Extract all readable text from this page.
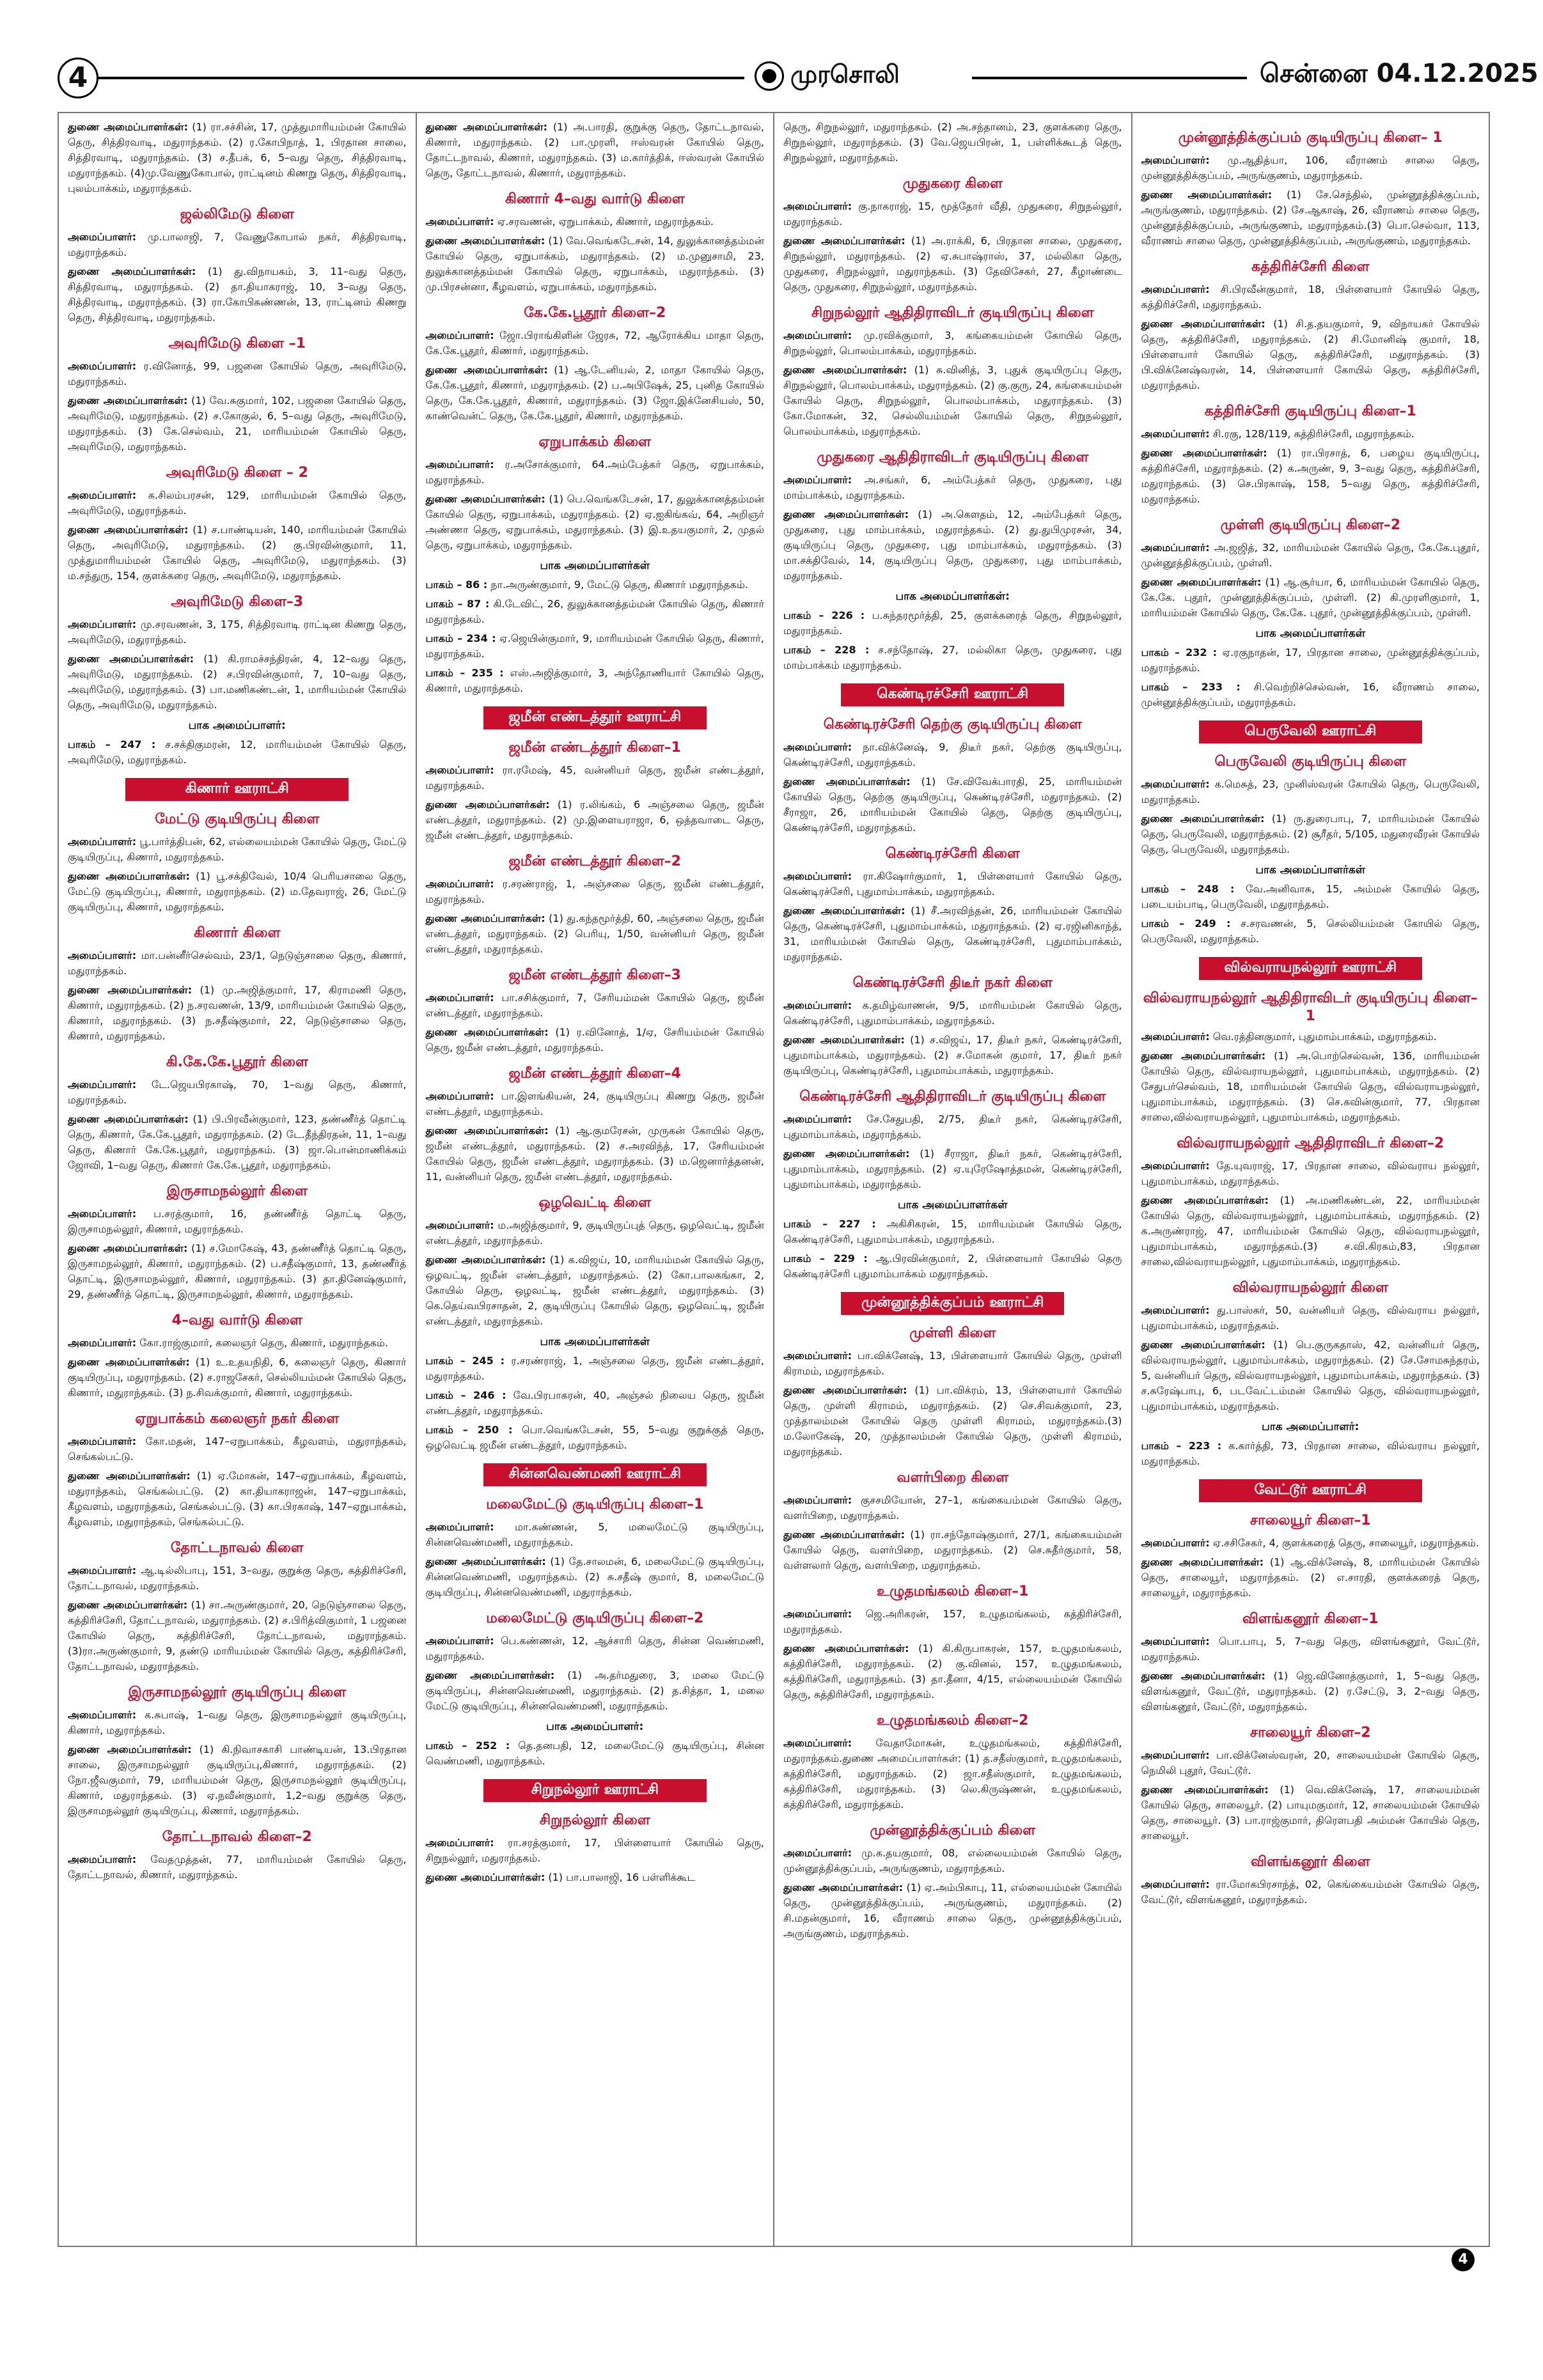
4	முரசொலி	சென்னை 04.12.2025
துணை அமைப்பாளர்கள்: (1) ரா.சச்சின், 17, முத்துமாரியம்மன் கோயில் தெரு, சித்திரவாடி, மதுராந்தகம். (2) ர.கோபிநாத், 1, பிரதான சாலை, சித்திரவாடி, மதுராந்தகம். (3) ச.தீபக், 6, 5–வது தெரு, சித்திரவாடி, மதுராந்தகம். (4)மு.வேணுகோபால், ராட்டினம் கிணறு தெரு, சித்திரவாடி, புலம்பாக்கம், மதுராந்தகம்.
ஜல்லிமேடு கிளை
அமைப்பாளர்: மு.பாலாஜி, 7, வேணுகோபால் நகர், சித்திரவாடி, மதுராந்தகம்.
துணை அமைப்பாளர்கள்: (1) து.விநாயகம், 3, 11–வது தெரு, சித்திரவாடி, மதுராந்தகம். (2) தா.தியாகராஜ், 10, 3–வது தெரு, சித்திரவாடி, மதுராந்தகம். (3) ரா.கோபிகண்ணன், 13, ராட்டினம் கிணறு தெரு, சித்திரவாடி, மதுராந்தகம்.
அவுரிமேடு கிளை –1
அமைப்பாளர்: ர.வினோத், 99, பஜனை கோயில் தெரு, அவுரிமேடு, மதுராந்தகம்.
துணை அமைப்பாளர்கள்: (1) வே.சுகுமார், 102, பஜனை கோயில் தெரு, அவுரிமேடு, மதுராந்தகம். (2) ச.கோகுல், 6, 5–வது தெரு, அவுரிமேடு, மதுராந்தகம். (3) கே.செல்வம், 21, மாரியம்மன் கோயில் தெரு, அவுரிமேடு, மதுராந்தகம்.
அவுரிமேடு கிளை – 2
அமைப்பாளர்: க.சிலம்பரசன், 129, மாரியம்மன் கோயில் தெரு, அவுரிமேடு, மதுராந்தகம்.
துணை அமைப்பாளர்கள்: (1) ச.பாண்டியன், 140, மாரியம்மன் கோயில் தெரு, அவுரிமேடு, மதுராந்தகம். (2) கு.பிரவின்குமார், 11, முத்துமாரியம்மன் கோயில் தெரு, அவுரிமேடு, மதுராந்தகம். (3) ம.சந்துரு, 154, குளக்கரை தெரு, அவுரிமேடு, மதுராந்தகம்.
அவுரிமேடு கிளை–3
அமைப்பாளர்: மு.சரவணன், 3, 175, சித்திரவாடி ராட்டின கிணறு தெரு, அவுரிமேடு, மதுராந்தகம்.
துணை அமைப்பாளர்கள்: (1) கி.ராமச்சந்திரன், 4, 12–வது தெரு, அவுரிமேடு, மதுராந்தகம். (2) ச.பிரவின்குமார், 7, 10–வது தெரு, அவுரிமேடு, மதுராந்தகம். (3) பா.மணிகண்டன், 1, மாரியம்மன் கோயில் தெரு, அவுரிமேடு, மதுராந்தகம்.
பாக அமைப்பாளர்:
பாகம் – 247 : ச.சக்திகுமரன், 12, மாரியம்மன் கோயில் தெரு, அவுரிமேடு, மதுராந்தகம்.
கிணார் ஊராட்சி
மேட்டு குடியிருப்பு கிளை
அமைப்பாளர்: பூ.பார்த்திபன், 62, எல்லையம்மன் கோயில் தெரு, மேட்டு குடியிருப்பு, கிணார், மதுராந்தகம்.
துணை அமைப்பாளர்கள்: (1) பூ.சக்திவேல், 10/4 பெரியசாலை தெரு, மேட்டு குடியிருப்பு, கிணார், மதுராந்தகம். (2) ம.தேவராஜ், 26, மேட்டு குடியிருப்பு, கிணார், மதுராந்தகம்.
கிணார் கிளை
அமைப்பாளர்: மா.பன்னீர்செல்வம், 23/1, நெடுஞ்சாலை தெரு, கிணார், மதுராந்தகம்.
துணை அமைப்பாளர்கள்: (1) மு.அஜித்குமார், 17, கிராமணி தெரு, கிணார், மதுராந்தகம். (2) ந.சரவணன், 13/9, மாரியம்மன் கோயில் தெரு, கிணார், மதுராந்தகம். (3) ந.சதீஷ்குமார், 22, நெடுஞ்சாலை தெரு, கிணார், மதுராந்தகம்.
கி.கே.கே.பூதூர் கிளை
அமைப்பாளர்: டே.ஜெயபிரகாஷ், 70, 1–வது தெரு, கிணார், மதுராந்தகம்.
துணை அமைப்பாளர்கள்: (1) பி.பிரவீன்குமார், 123, தண்ணீர்த் தொட்டி தெரு, கிணார், கே.கே.பூதூர், மதுராந்தகம். (2) டே.தீந்திரதன், 11, 1–வது தெரு, கிணார் கே.கே.பூதூர், மதுராந்தகம். (3) ஜா.பொன்மாணிக்கம் ஜோவி, 1–வது தெரு, கிணார் கே.கே.பூதூர், மதுராந்தகம்.
இருசாமநல்லூர் கிளை
அமைப்பாளர்: ப.சரத்குமார், 16, தண்ணீர்த் தொட்டி தெரு, இருசாமநல்லூர், கிணார், மதுராந்தகம்.
துணை அமைப்பாளர்கள்: (1) ச.மோகேஷ், 43, தண்ணீர்த் தொட்டி தெரு, இருசாமநல்லூர், கிணார், மதுராந்தகம். (2) ப.சதீஷ்குமார், 13, தண்ணீர்த் தொட்டி, இருசாமநல்லூர், கிணார், மதுராந்தகம். (3) தா.தினேஷ்குமார், 29, தண்ணீர்த் தொட்டி, இருசாமநல்லூர், கிணார், மதுராந்தகம்.
4–வது வார்டு கிளை
அமைப்பாளர்: கோ.ராஜ்குமார், கலைஞர் தெரு, கிணார், மதுராந்தகம்.
துணை அமைப்பாளர்கள்: (1) உ.உதயநிதி, 6, கலைஞர் தெரு, கிணார் குடியிருப்பு, மதுராந்தகம். (2) ச.ராஜசேகர், செல்லியம்மன் கோயில் தெரு, கிணார், மதுராந்தகம். (3) ந.சிவக்குமார், கிணார், மதுராந்தகம்.
ஏறுபாக்கம் கலைஞர் நகர் கிளை
அமைப்பாளர்: கோ.மதன், 147–ஏறுபாக்கம், கீழவளம், மதுராந்தகம், செங்கல்பட்டு.
துணை அமைப்பாளர்கள்: (1) ஏ.மோகன், 147–ஏறுபாக்கம், கீழவளம், மதுராந்தகம், செங்கல்பட்டு. (2) கா.தியாகராஜன், 147–ஏறுபாக்கம், கீழவளம், மதுராந்தகம், செங்கல்பட்டு. (3) கா.பிரகாஷ், 147–ஏறுபாக்கம், கீழவளம், மதுராந்தகம், செங்கல்பட்டு.
தோட்டநாவல் கிளை
அமைப்பாளர்: ஆ.டில்லிபாபு, 151, 3–வது, குறுக்கு தெரு, கத்திரிச்சேரி, தோட்டநாவல், மதுராந்தகம்.
துணை அமைப்பாளர்கள்: (1) சா.அருண்குமார், 20, நெடுஞ்சாலை தெரு, கத்திரிச்சேரி, தோட்டநாவல், மதுராந்தகம். (2) ச.பிரித்விகுமார், 1 பஜனை கோயில் தெரு, கத்திரிச்சேரி, தோட்டநாவல், மதுராந்தகம். (3)ரா.அருண்குமார், 9, தண்டு மாரியம்மன் கோயில் தெரு, கத்திரிச்சேரி, தோட்டநாவல், மதுராந்தகம்.
இருசாமநல்லூர் குடியிருப்பு கிளை
அமைப்பாளர்: க.சுபாஷ், 1–வது தெரு, இருசாமநல்லூர் குடியிருப்பு, கிணார், மதுராந்தகம்.
துணை அமைப்பாளர்கள்: (1) கி.நிவாசகாசி பாண்டியன், 13.பிரதான சாலை, இருசாமநல்லூர் குடியிருப்பு,கிணார், மதுராந்தகம். (2) நோ.ஜீவகுமார், 79, மாரியம்மன் தெரு, இருசாமநல்லூர் குடியிருப்பு, கிணார், மதுராந்தகம். (3) ஏ.நவீன்குமார், 1,2–வது குறுக்கு தெரு, இருசாமநல்லூர் குடியிருப்பு, கிணார், மதுராந்தகம்.
தோட்டநாவல் கிளை–2
அமைப்பாளர்: வேதமுத்தன், 77, மாரியம்மன் கோயில் தெரு, தோட்டநாவல், கிணார், மதுராந்தகம்.
துணை அமைப்பாளர்கள்: (1) அ.பாரதி, குறுக்கு தெரு, தோட்டநாவல், கிணார், மதுராந்தகம். (2) பா.முரளி, ஈஸ்வரன் கோயில் தெரு, தோட்டநாவல், கிணார், மதுராந்தகம். (3) ம.கார்த்திக், ஈஸ்வரன் கோயில் தெரு, தோட்டநாவல், கிணார், மதுராந்தகம்.
கிணார் 4–வது வார்டு கிளை
அமைப்பாளர்: ஏ.சரவணன், ஏறுபாக்கம், கிணார், மதுராந்தகம்.
துணை அமைப்பாளர்கள்: (1) வே.வெங்கடேசன், 14, துலுக்கானத்தம்மன் கோயில் தெரு, ஏறுபாக்கம், மதுராந்தகம். (2) ம.முனுசாமி, 23, துலுக்கானத்தம்மன் கோயில் தெரு, ஏறுபாக்கம், மதுராந்தகம். (3) மு.பிரசன்னா, கீழவளம், ஏறுபாக்கம், மதுராந்தகம்.
கே.கே.பூதூர் கிளை–2
அமைப்பாளர்: ஜோ.பிராங்கிளின் ஜேரசு, 72, ஆரோக்கிய மாதா தெரு, கே.கே.பூதூர், கிணார், மதுராந்தகம்.
துணை அமைப்பாளர்கள்: (1) ஆ.டேனியல், 2, மாதா கோயில் தெரு, கே.கே.பூதூர், கிணார், மதுராந்தகம். (2) ப.அபிஷேக், 25, புனித கோயில் தெரு, கே.கே.பூதூர், கிணார், மதுராந்தகம். (3) ஜோ.இக்னேசியஸ், 50, காண்வென்ட் தெரு, கே.கே.பூதூர், கிணார், மதுராந்தகம்.
ஏறுபாக்கம் கிளை
அமைப்பாளர்: ர.அசோக்குமார், 64.அம்பேத்கர் தெரு, ஏறுபாக்கம், மதுராந்தகம்.
துணை அமைப்பாளர்கள்: (1) பெ.வெங்கடேசன், 17, துலுக்கானத்தம்மன் கோயில் தெரு, ஏறுபாக்கம், மதுராந்தகம். (2) ஏ.ஐகிங்கவ், 64, அறிஞர் அண்ணா தெரு, ஏறுபாக்கம், மதுராந்தகம். (3) இ.உதயகுமார், 2, முதல் தெரு, ஏறுபாக்கம், மதுராந்தகம்.
பாக அமைப்பாளர்கள்
பாகம் – 86 : நா.அருண்குமார், 9, மேட்டு தெரு, கிணார் மதுராந்தகம்.
பாகம் – 87 : கி.டேவிட், 26, துலுக்கானத்தம்மன் கோயில் தெரு, கிணார் மதுராந்தகம்.
பாகம் – 234 : ஏ.ஜெயின்குமார், 9, மாரியம்மன் கோயில் தெரு, கிணார், மதுராந்தகம்.
பாகம் – 235 : எஸ்.அஜித்குமார், 3, அந்தோணியார் கோயில் தெரு, கிணார், மதுராந்தகம்.
ஜமீன் எண்டத்தூர் ஊராட்சி
ஜமீன் எண்டத்தூர் கிளை–1
அமைப்பாளர்: ரா.ரமேஷ், 45, வன்னியர் தெரு, ஜமீன் எண்டத்தூர், மதுராந்தகம்.
துணை அமைப்பாளர்கள்: (1) ர.லிங்கம், 6 அஞ்சலை தெரு, ஜமீன் எண்டத்தூர், மதுராந்தகம். (2) மு.இளையராஜா, 6, ஒத்தவாடை தெரு, ஜமீன் எண்டத்தூர், மதுராந்தகம்.
ஜமீன் எண்டத்தூர் கிளை–2
அமைப்பாளர்: ர.சரண்ராஜ், 1, அஞ்சலை தெரு, ஜமீன் எண்டத்தூர், மதுராந்தகம்.
துணை அமைப்பாளர்கள்: (1) து.கந்தமூர்த்தி, 60, அஞ்சலை தெரு, ஜமீன் எண்டத்தூர், மதுராந்தகம். (2) பெரியு, 1/50, வன்னியர் தெரு, ஜமீன் எண்டத்தூர், மதுராந்தகம்.
ஜமீன் எண்டத்தூர் கிளை–3
அமைப்பாளர்: பா.சசிக்குமார், 7, சேரியம்மன் கோயில் தெரு, ஜமீன் எண்டத்தூர், மதுராந்தகம்.
துணை அமைப்பாளர்கள்: (1) ர.வினோத், 1/ஏ, சேரியம்மன் கோயில் தெரு, ஜமீன் எண்டத்தூர், மதுராந்தகம்.
ஜமீன் எண்டத்தூர் கிளை–4
அமைப்பாளர்: பா.இளங்கியன், 24, குடியிருப்பு கிணறு தெரு, ஜமீன் எண்டத்தூர், மதுராந்தகம்.
துணை அமைப்பாளர்கள்: (1) ஆ.குமரேசன், முருகன் கோயில் தெரு, ஜமீன் எண்டத்தூர், மதுராந்தகம். (2) ச.அரவிந்த், 17, சேரியம்மன் கோயில் தெரு, ஜமீன் எண்டத்தூர், மதுராந்தகம். (3) ம.ஜெனார்த்தனன், 11, வன்னியர் தெரு, ஜமீன் எண்டத்தூர், மதுராந்தகம்.
ஒழவெட்டி கிளை
அமைப்பாளர்: ம.அஜித்குமார், 9, குடியிருப்புத் தெரு, ஒழவெட்டி, ஜமீன் எண்டத்தூர், மதுராந்தகம்.
துணை அமைப்பாளர்கள்: (1) க.விஜய், 10, மாரியம்மன் கோயில் தெரு, ஒழவட்டி, ஜமீன் எண்டத்தூர், மதுராந்தகம். (2) கோ.பாலகங்கா, 2, கோயில் தெரு, ஒழவட்டி, ஜமீன் எண்டத்தூர், மதுராந்தகம். (3) கெ.தெய்வபிரசாதன், 2, குடியிருப்பு கோயில் தெரு, ஒழவெட்டி, ஜமீன் எண்டத்தூர், மதுராந்தகம்.
பாக அமைப்பாளர்கள்
பாகம் – 245 : ர.சரண்ராஜ், 1, அஞ்சலை தெரு, ஜமீன் எண்டத்தூர், மதுராந்தகம்.
பாகம் – 246 : வே.பிரபாகரன், 40, அஞ்சல் நிலைய தெரு, ஜமீன் எண்டத்தூர், மதுராந்தகம்.
பாகம் – 250 : பொ.வெங்கடேசன், 55, 5–வது குறுக்குத் தெரு, ஒழவெட்டி ஜமீன் எண்டத்தூர், மதுராந்தகம்.
சின்னவெண்மணி ஊராட்சி
மலைமேட்டு குடியிருப்பு கிளை–1
அமைப்பாளர்: மா.கண்ணன், 5, மலைமேட்டு குடியிருப்பு, சின்னவெண்மணி, மதுராந்தகம்.
துணை அமைப்பாளர்கள்: (1) தே.சாலமன், 6, மலைமேட்டு குடியிருப்பு, சின்னவெண்மணி, மதுராந்தகம். (2) சு.சதீஷ் குமார், 8, மலைமேட்டு குடியிருப்பு, சின்னவெண்மணி, மதுராந்தகம்.
மலைமேட்டு குடியிருப்பு கிளை–2
அமைப்பாளர்: பெ.கண்ணன், 12, ஆச்சாரி தெரு, சின்ன வெண்மணி, மதுராந்தகம்.
துணை அமைப்பாளர்கள்: (1) அ.தர்மதுரை, 3, மலை மேட்டு குடியிருப்பு, சின்னவெண்மணி, மதுராந்தகம். (2) த.சித்தா, 1, மலை மேட்டு குடியிருப்பு, சின்னவெண்மணி, மதுராந்தகம்.
பாக அமைப்பாளர்:
பாகம் – 252 : தெ.தனபதி, 12, மலைமேட்டு குடியிருப்பு, சின்ன வெண்மணி, மதுராந்தகம்.
சிறுநல்லூர் ஊராட்சி
சிறுநல்லூர் கிளை
அமைப்பாளர்: ரா.சரத்குமார், 17, பிள்ளையார் கோயில் தெரு, சிறுநல்லூர், மதுராந்தகம்.
துணை அமைப்பாளர்கள்: (1) பா.பாலாஜி, 16 பள்ளிக்கூட
தெரு, சிறுநல்லூர், மதுராந்தகம். (2) அ.சந்தானம், 23, குளக்கரை தெரு, சிறுநல்லூர், மதுராந்தகம். (3) வே.ஜெயபிரன், 1, பள்ளிக்கூடத் தெரு, சிறுநல்லூர், மதுராந்தகம்.
முதுகரை கிளை
அமைப்பாளர்: கு.நாகராஜ், 15, மூத்தோர் வீதி, முதுகரை, சிறுநல்லூர், மதுராந்தகம்.
துணை அமைப்பாளர்கள்: (1) அ.ராக்கி, 6, பிரதான சாலை, முதுகரை, சிறுநல்லூர், மதுராந்தகம். (2) ஏ.சுபாஷ்ராஸ், 37, மல்லிகா தெரு, முதுகரை, சிறுநல்லூர், மதுராந்தகம். (3) தேவிசேகர், 27, கீழாண்டை தெரு, முதுகரை, சிறுநல்லூர், மதுராந்தகம்.
சிறுநல்லூர் ஆதிதிராவிடர் குடியிருப்பு கிளை
அமைப்பாளர்: மு.ரவிக்குமார், 3, கங்கையம்மன் கோயில் தெரு, சிறுநல்லூர், பொலம்பாக்கம், மதுராந்தகம்.
துணை அமைப்பாளர்கள்: (1) சு.வினித், 3, புதுக் குடியிருப்பு தெரு, சிறுநல்லூர், பொலம்பாக்கம், மதுராந்தகம். (2) கு.குரு, 24, கங்கையம்மன் கோயில் தெரு, சிறுநல்லூர், பொலம்பாக்கம், மதுராந்தகம். (3) கோ.மோகன், 32, செல்லியம்மன் கோயில் தெரு, சிறுநல்லூர், பொலம்பாக்கம், மதுராந்தகம்.
முதுகரை ஆதிதிராவிடர் குடியிருப்பு கிளை
அமைப்பாளர்: அ.சங்கர், 6, அம்பேத்கர் தெரு, முதுகரை, புது மாம்பாக்கம், மதுராந்தகம்.
துணை அமைப்பாளர்கள்: (1) அ.கெளதம், 12, அம்பேத்கர் தெரு, முதுகரை, புது மாம்பாக்கம், மதுராந்தகம். (2) து.துபிமுரசன், 34, குடியிருப்பு தெரு, முதுகரை, புது மாம்பாக்கம், மதுராந்தகம். (3) மா.சக்திவேல், 14, குடியிருப்பு தெரு, முதுகரை, புது மாம்பாக்கம், மதுராந்தகம்.
பாக அமைப்பாளர்கள்:
பாகம் – 226 : ப.சுந்தரமூர்த்தி, 25, குளக்கரைத் தெரு, சிறுநல்லூர், மதுராந்தகம்.
பாகம் – 228 : ச.சந்தோஷ், 27, மல்லிகா தெரு, முதுகரை, புது மாம்பாக்கம் மதுராந்தகம்.
கெண்டிரச்சேரி ஊராட்சி
கெண்டிரச்சேரி தெற்கு குடியிருப்பு கிளை
அமைப்பாளர்: நா.விக்னேஷ், 9, திடீர் நகர், தெற்கு குடியிருப்பு, கெண்டிரச்சேரி, மதுராந்தகம்.
துணை அமைப்பாளர்கள்: (1) சே.விவேக்பாரதி, 25, மாரியம்மன் கோயில் தெரு, தெற்கு குடியிருப்பு, கெண்டிரச்சேரி, மதுராந்தகம். (2) சீராஜா, 26, மாரியம்மன் கோயில் தெரு, தெற்கு குடியிருப்பு, கெண்டிரச்சேரி, மதுராந்தகம்.
கெண்டிரச்சேரி கிளை
அமைப்பாளர்: ரா.கிஷோர்குமார், 1, பிள்ளையார் கோயில் தெரு, கெண்டிரச்சேரி, புதுமாம்பாக்கம், மதுராந்தகம்.
துணை அமைப்பாளர்கள்: (1) சீ.அரவிந்தன், 26, மாரியம்மன் கோயில் தெரு, கெண்டிரச்சேரி, புதுமாம்பாக்கம், மதுராந்தகம். (2) ஏ.ரஜினிகாந்த், 31, மாரியம்மன் கோயில் தெரு, கெண்டிரச்சேரி, புதுமாம்பாக்கம், மதுராந்தகம்.
கெண்டிரச்சேரி திடீர் நகர் கிளை
அமைப்பாளர்: க.தமிழ்வாணன், 9/5, மாரியம்மன் கோயில் தெரு, கெண்டிரச்சேரி, புதுமாம்பாக்கம், மதுராந்தகம்.
துணை அமைப்பாளர்கள்: (1) ச.விஜய், 17, திடீர் நகர், கெண்டிரச்சேரி, புதுமாம்பாக்கம், மதுராந்தகம். (2) ச.மோகன் குமார், 17, திடீர் நகர் குடியிருப்பு, கெண்டிரச்சேரி, புதுமாம்பாக்கம், மதுராந்தகம்.
கெண்டிரச்சேரி ஆதிதிராவிடர் குடியிருப்பு கிளை
அமைப்பாளர்: சே.சேதுபதி, 2/75, திடீர் நகர், கெண்டிரச்சேரி, புதுமாம்பாக்கம், மதுராந்தகம்.
துணை அமைப்பாளர்கள்: (1) சீராஜா, திடீர் நகர், கெண்டிரச்சேரி, புதுமாம்பாக்கம், மதுராந்தகம். (2) ஏ.யுரேஷோத்தமன், கெண்டிரச்சேரி, புதுமாம்பாக்கம், மதுராந்தகம்.
பாக அமைப்பாளர்கள்
பாகம் – 227 : அகிசிகரன், 15, மாரியம்மன் கோயில் தெரு, கெண்டிரச்சேரி, புதுமாம்பாக்கம், மதுராந்தகம்.
பாகம் – 229 : ஆ.பிரவின்குமார், 2, பிள்ளையார் கோயில் தெரு கெண்டிரச்சேரி புதுமாம்பாக்கம் மதுராந்தகம்.
முன்னூத்திக்குப்பம் ஊராட்சி
முள்ளி கிளை
அமைப்பாளர்: பா.விக்னேஷ், 13, பிள்ளையார் கோயில் தெரு, முள்ளி கிராமம், மதுராந்தகம்.
துணை அமைப்பாளர்கள்: (1) பா.விக்ரம், 13, பிள்ளையார் கோயில் தெரு, முள்ளி கிராமம், மதுராந்தகம். (2) செ.சிவக்குமார், 23, முத்தாலம்மன் கோயில் தெரு முள்ளி கிராமம், மதுராந்தகம்.(3) ம.லோகேஷ், 20, முத்தாலம்மன் கோயில் தெரு, முள்ளி கிராமம், மதுராந்தகம்.
வளர்பிறை கிளை
அமைப்பாளர்: குசசமியோன், 27–1, கங்கையம்மன் கோயில் தெரு, வளர்பிறை, மதுராந்தகம்.
துணை அமைப்பாளர்கள்: (1) ரா.சந்தோஷ்குமார், 27/1, கங்கையம்மன் கோயில் தெரு, வளர்பிறை, மதுராந்தகம். (2) செ.சுதீர்குமார், 58, வள்ளலார் தெரு, வளர்பிறை, மதுராந்தகம்.
உழுதமங்கலம் கிளை–1
அமைப்பாளர்: ஜெ.அரிகரன், 157, உழுதமங்கலம், கத்திரிச்சேரி, மதுராந்தகம்.
துணை அமைப்பாளர்கள்: (1) கி.கிருபாகரன், 157, உழுதமங்கலம், கத்திரிச்சேரி, மதுராந்தகம். (2) கு.வினல், 157, உழுதமங்கலம், கத்திரிச்சேரி, மதுராந்தகம். (3) தா.தீனா, 4/15, எல்லையம்மன் கோயில் தெரு, கத்திரிச்சேரி, மதுராந்தகம்.
உழுதமங்கலம் கிளை–2
அமைப்பாளர்: வேதாமோகன், உழுதமங்கலம், கத்திரிச்சேரி, மதுராந்தகம்.துணை அமைப்பாளர்கள்: (1) த.சதீஸ்குமார், உழுதமங்கலம், கத்திரிச்சேரி, மதுராந்தகம். (2) ஜா.சதீஸ்குமார், உழுதமங்கலம், கத்திரிச்சேரி, மதுராந்தகம். (3) லெ.கிருஷ்ணன், உழுதமங்கலம், கத்திரிச்சேரி, மதுராந்தகம்.
முன்னூத்திக்குப்பம் கிளை
அமைப்பாளர்: மு.க.தயகுமார், 08, எல்லையம்மன் கோயில் தெரு, முன்னூத்திக்குப்பம், அருங்குணம், மதுராந்தகம்.
துணை அமைப்பாளர்கள்: (1) ஏ.அம்பிகாபு, 11, எல்லையம்மன் கோயில் தெரு, முன்னூத்திக்குப்பம், அருங்குணம், மதுராந்தகம். (2) சி.மதன்குமார், 16, வீராணம் சாலை தெரு, முன்னூத்திக்குப்பம், அருங்குணம், மதுராந்தகம்.
முன்னூத்திக்குப்பம் குடியிருப்பு கிளை– 1
அமைப்பாளர்: மு.ஆதித்யா, 106, வீராணம் சாலை தெரு, முன்னூத்திக்குப்பம், அருங்குணம், மதுராந்தகம்.
துணை அமைப்பாளர்கள்: (1) சே.செந்தில், முன்னூத்திக்குப்பம், அருங்குணம், மதுராந்தகம். (2) சே.ஆகாஷ், 26, வீராணம் சாலை தெரு, முன்னூத்திக்குப்பம், அருங்குணம், மதுராந்தகம்.(3) பொ.செல்வா, 113, வீராணம் சாலை தெரு, முன்னூத்திக்குப்பம், அருங்குணம், மதுராந்தகம்.
கத்திரிச்சேரி கிளை
அமைப்பாளர்: சி.பிரவீன்குமார், 18, பிள்ளையார் கோயில் தெரு, கத்திரிச்சேரி, மதுராந்தகம்.
துணை அமைப்பாளர்கள்: (1) சி.த.தயகுமார், 9, விநாயகர் கோயில் தெரு, கத்திரிச்சேரி, மதுராந்தகம். (2) சி.மோனிஷ் குமார், 18, பிள்ளையார் கோயில் தெரு, கத்திரிச்சேரி, மதுராந்தகம். (3) பி.விக்னேஷ்வரன், 14, பிள்ளையார் கோயில் தெரு, கத்திரிச்சேரி, மதுராந்தகம்.
கத்திரிச்சேரி குடியிருப்பு கிளை–1
அமைப்பாளர்: சி.ரகு, 128/119, கத்திரிச்சேரி, மதுராந்தகம்.
துணை அமைப்பாளர்கள்: (1) ரா.பிரசாத், 6, பழைய குடியிருப்பு, கத்திரிச்சேரி, மதுராந்தகம். (2) க.அருண், 9, 3–வது தெரு, கத்திரிச்சேரி, மதுராந்தகம். (3) செ.பிரகாஷ், 158, 5–வது தெரு, கத்திரிச்சேரி, மதுராந்தகம்.
முள்ளி குடியிருப்பு கிளை–2
அமைப்பாளர்: அ.ஜஜித், 32, மாரியம்மன் கோயில் தெரு, கே.கே.புதூர், முன்னூத்திக்குப்பம், முள்ளி.
துணை அமைப்பாளர்கள்: (1) ஆ.சூர்யா, 6, மாரியம்மன் கோயில் தெரு, கே.கே. புதூர், முன்னூத்திக்குப்பம், முள்ளி. (2) கி.முரளிகுமார், 1, மாரியம்மன் கோயில் தெரு, கே.கே. புதூர், முன்னூத்திக்குப்பம், முள்ளி.
பாக அமைப்பாளர்கள்
பாகம் – 232 : ஏ.ரகுநாதன், 17, பிரதான சாலை, முன்னூத்திக்குப்பம், மதுராந்தகம்.
பாகம் – 233 : சி.வெற்றிச்செல்வன், 16, வீராணம் சாலை, முன்னூத்திக்குப்பம், மதுராந்தகம்.
பெருவேலி ஊராட்சி
பெருவேலி குடியிருப்பு கிளை
அமைப்பாளர்: க.மெசுத், 23, முனிஸ்வரன் கோயில் தெரு, பெருவேலி, மதுராந்தகம்.
துணை அமைப்பாளர்கள்: (1) ரு.துரைபாபு, 7, மாரியம்மன் கோயில் தெரு, பெருவேலி, மதுராந்தகம். (2) சூரீதர், 5/105, மதுரைவீரன் கோயில் தெரு, பெருவேலி, மதுராந்தகம்.
பாக அமைப்பாளர்கள்
பாகம் – 248 : வே.அனிவாசு, 15, அம்மன் கோயில் தெரு, படையம்பாடி, பெருவேலி, மதுராந்தகம்.
பாகம் – 249 : ச.சரவணன், 5, செல்லியம்மன் கோயில் தெரு, பெருவேலி, மதுராந்தகம்.
வில்வராயநல்லூர் ஊராட்சி
வில்வராயநல்லூர் ஆதிதிராவிடர் குடியிருப்பு கிளை– 1
அமைப்பாளர்: வெ.ரத்தினகுமார், புதுமாம்பாக்கம், மதுராந்தகம்.
துணை அமைப்பாளர்கள்: (1) அ.பொற்செல்வன், 136, மாரியம்மன் கோயில் தெரு, வில்வராயநல்லூர், புதுமாம்பாக்கம், மதுராந்தகம். (2) சேதுபர்செல்வம், 18, மாரியம்மன் கோயில் தெரு, வில்வராயநல்லூர், புதுமாம்பாக்கம், மதுராந்தகம். (3) செ.கவின்குமார், 77, பிரதான சாலை,வில்வராயநல்லூர், புதுமாம்பாக்கம், மதுராந்தகம்.
வில்வராயநல்லூர் ஆதிதிராவிடர் கிளை–2
அமைப்பாளர்: தே.யுவராஜ், 17, பிரதான சாலை, வில்வராய நல்லூர், புதுமாம்பாக்கம், மதுராந்தகம்.
துணை அமைப்பாளர்கள்: (1) அ.மணிகண்டன், 22, மாரியம்மன் கோயில் தெரு, வில்வராயநல்லூர், புதுமாம்பாக்கம், மதுராந்தகம். (2) க.அருண்ராஜ், 47, மாரியம்மன் கோயில் தெரு, வில்வராயநல்லூர், புதுமாம்பாக்கம், மதுராந்தகம்.(3) ச.வி.கிரகம்,83, பிரதான சாலை,வில்வராயநல்லூர், புதுமாம்பாக்கம், மதுராந்தகம்.
வில்வராயநல்லூர் கிளை
அமைப்பாளர்: து.பாஸ்கர், 50, வன்னியர் தெரு, வில்வராய நல்லூர், புதுமாம்பாக்கம், மதுராந்தகம்.
துணை அமைப்பாளர்கள்: (1) பெ.குருகதாஸ், 42, வன்னியர் தெரு, வில்வராயநல்லூர், புதுமாம்பாக்கம், மதுராந்தகம். (2) சே.சோமசுந்தரம், 5, வன்னியர் தெரு, வில்வராயநல்லூர், புதுமாம்பாக்கம், மதுராந்தகம். (3) ச.சுரேஷ்பாபு, 6, படவேட்டம்மன் கோயில் தெரு, வில்வராயநல்லூர், புதுமாம்பாக்கம், மதுராந்தகம்.
பாக அமைப்பாளர்:
பாகம் – 223 : க.கார்த்தி, 73, பிரதான சாலை, வில்வராய நல்லூர், மதுராந்தகம்.
வேட்டூர் ஊராட்சி
சாலையூர் கிளை–1
அமைப்பாளர்: ஏ.சசிசேகர், 4, குளக்கரைத் தெரு, சாலையூர், மதுராந்தகம்.
துணை அமைப்பாளர்கள்: (1) ஆ.விக்னேஷ், 8, மாரியம்மன் கோயில் தெரு, சாலையூர், மதுராந்தகம். (2) எ.சாரதி, குளக்கரைத் தெரு, சாலையூர், மதுராந்தகம்.
விளங்கனூர் கிளை–1
அமைப்பாளர்: பொ.பாபு, 5, 7–வது தெரு, விளங்கனூர், வேட்டூர், மதுராந்தகம்.
துணை அமைப்பாளர்கள்: (1) ஜெ.வினோத்குமார், 1, 5–வது தெரு, விளங்கனூர், வேட்டூர், மதுராந்தகம். (2) ர.சேட்டு, 3, 2–வது தெரு, விளங்கனூர், வேட்டூர், மதுராந்தகம்.
சாலையூர் கிளை–2
அமைப்பாளர்: பா.விக்னேஸ்வரன், 20, சாலையம்மன் கோயில் தெரு, நெமிலி புதூர், வேட்டூர்.
துணை அமைப்பாளர்கள்: (1) வெ.விக்னேஷ், 17, சாலையம்மன் கோயில் தெரு, சாலையூர். (2) பாயுமகுமார், 12, சாலையம்மன் கோயில் தெரு, சாலையூர். (3) பா.ராஜ்குமார், திரௌபதி அம்மன் கோயில் தெரு, சாலையூர்.
விளங்கனூர் கிளை
அமைப்பாளர்: ரா.மோகபிரசாந்த், 02, கெங்கையம்மன் கோயில் தெரு, வேட்டூர், விளங்கனூர், மதுராந்தகம்.
4
